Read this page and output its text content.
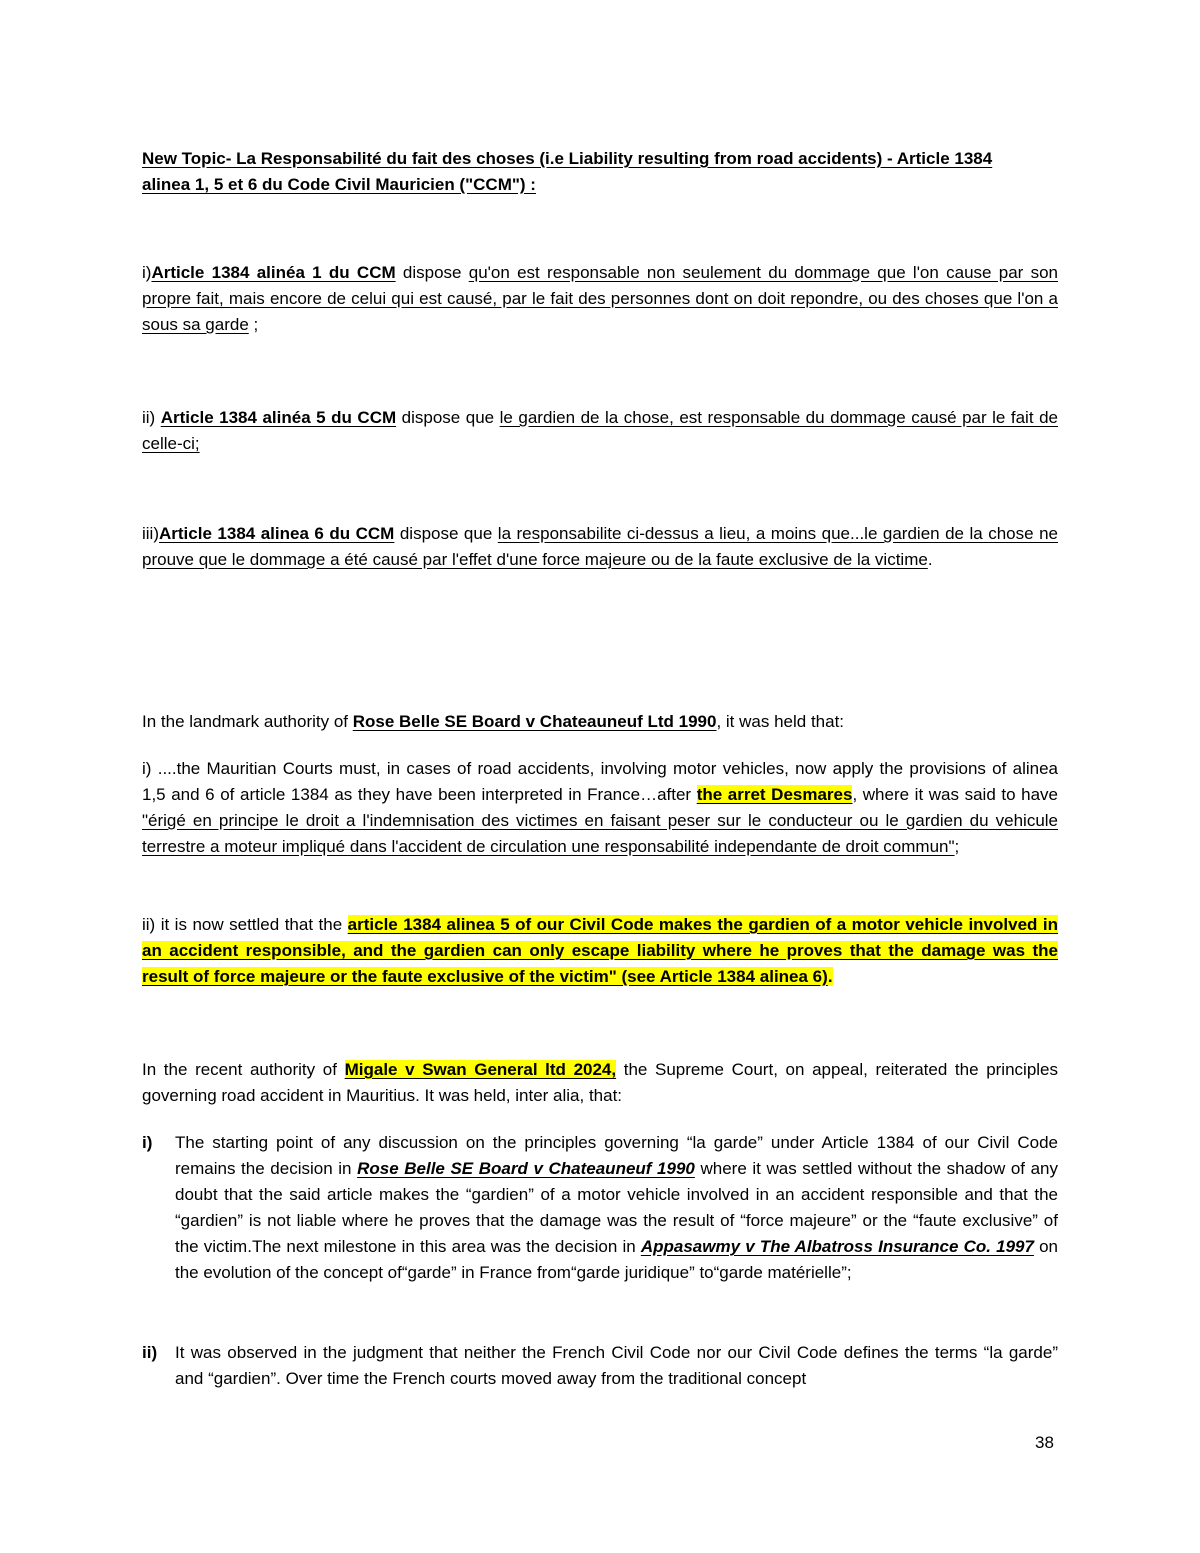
New Topic- La Responsabilité du fait des choses (i.e Liability resulting from road accidents) - Article 1384
alinea 1, 5 et 6 du Code Civil Mauricien ("CCM") :
i)Article 1384 alinéa 1 du CCM dispose qu'on est responsable non seulement du dommage que l'on cause par son propre fait, mais encore de celui qui est causé, par le fait des personnes dont on doit repondre, ou des choses que l'on a sous sa garde ;
ii) Article 1384 alinéa 5 du CCM dispose que le gardien de la chose, est responsable du dommage causé par le fait de celle-ci;
iii)Article 1384 alinea 6 du CCM dispose que la responsabilite ci-dessus a lieu, a moins que...le gardien de la chose ne prouve que le dommage a été causé par l'effet d'une force majeure ou de la faute exclusive de la victime.
In the landmark authority of Rose Belle SE Board v Chateauneuf Ltd 1990, it was held that:
i) ....the Mauritian Courts must, in cases of road accidents, involving motor vehicles, now apply the provisions of alinea 1,5 and 6 of article 1384 as they have been interpreted in France…after the arret Desmares, where it was said to have "érigé en principe le droit a l'indemnisation des victimes en faisant peser sur le conducteur ou le gardien du vehicule terrestre a moteur impliqué dans l'accident de circulation une responsabilité independante de droit commun";
ii) it is now settled that the article 1384 alinea 5 of our Civil Code makes the gardien of a motor vehicle involved in an accident responsible, and the gardien can only escape liability where he proves that the damage was the result of force majeure or the faute exclusive of the victim" (see Article 1384 alinea 6).
In the recent authority of Migale v Swan General ltd 2024, the Supreme Court, on appeal, reiterated the principles governing road accident in Mauritius. It was held, inter alia, that:
i) The starting point of any discussion on the principles governing “la garde” under Article 1384 of our Civil Code remains the decision in Rose Belle SE Board v Chateauneuf 1990 where it was settled without the shadow of any doubt that the said article makes the “gardien” of a motor vehicle involved in an accident responsible and that the “gardien” is not liable where he proves that the damage was the result of “force majeure” or the “faute exclusive” of the victim.The next milestone in this area was the decision in Appasawmy v The Albatross Insurance Co. 1997 on the evolution of the concept of“garde” in France from“garde juridique” to“garde matérielle”;
ii) It was observed in the judgment that neither the French Civil Code nor our Civil Code defines the terms “la garde” and “gardien”. Over time the French courts moved away from the traditional concept
38
